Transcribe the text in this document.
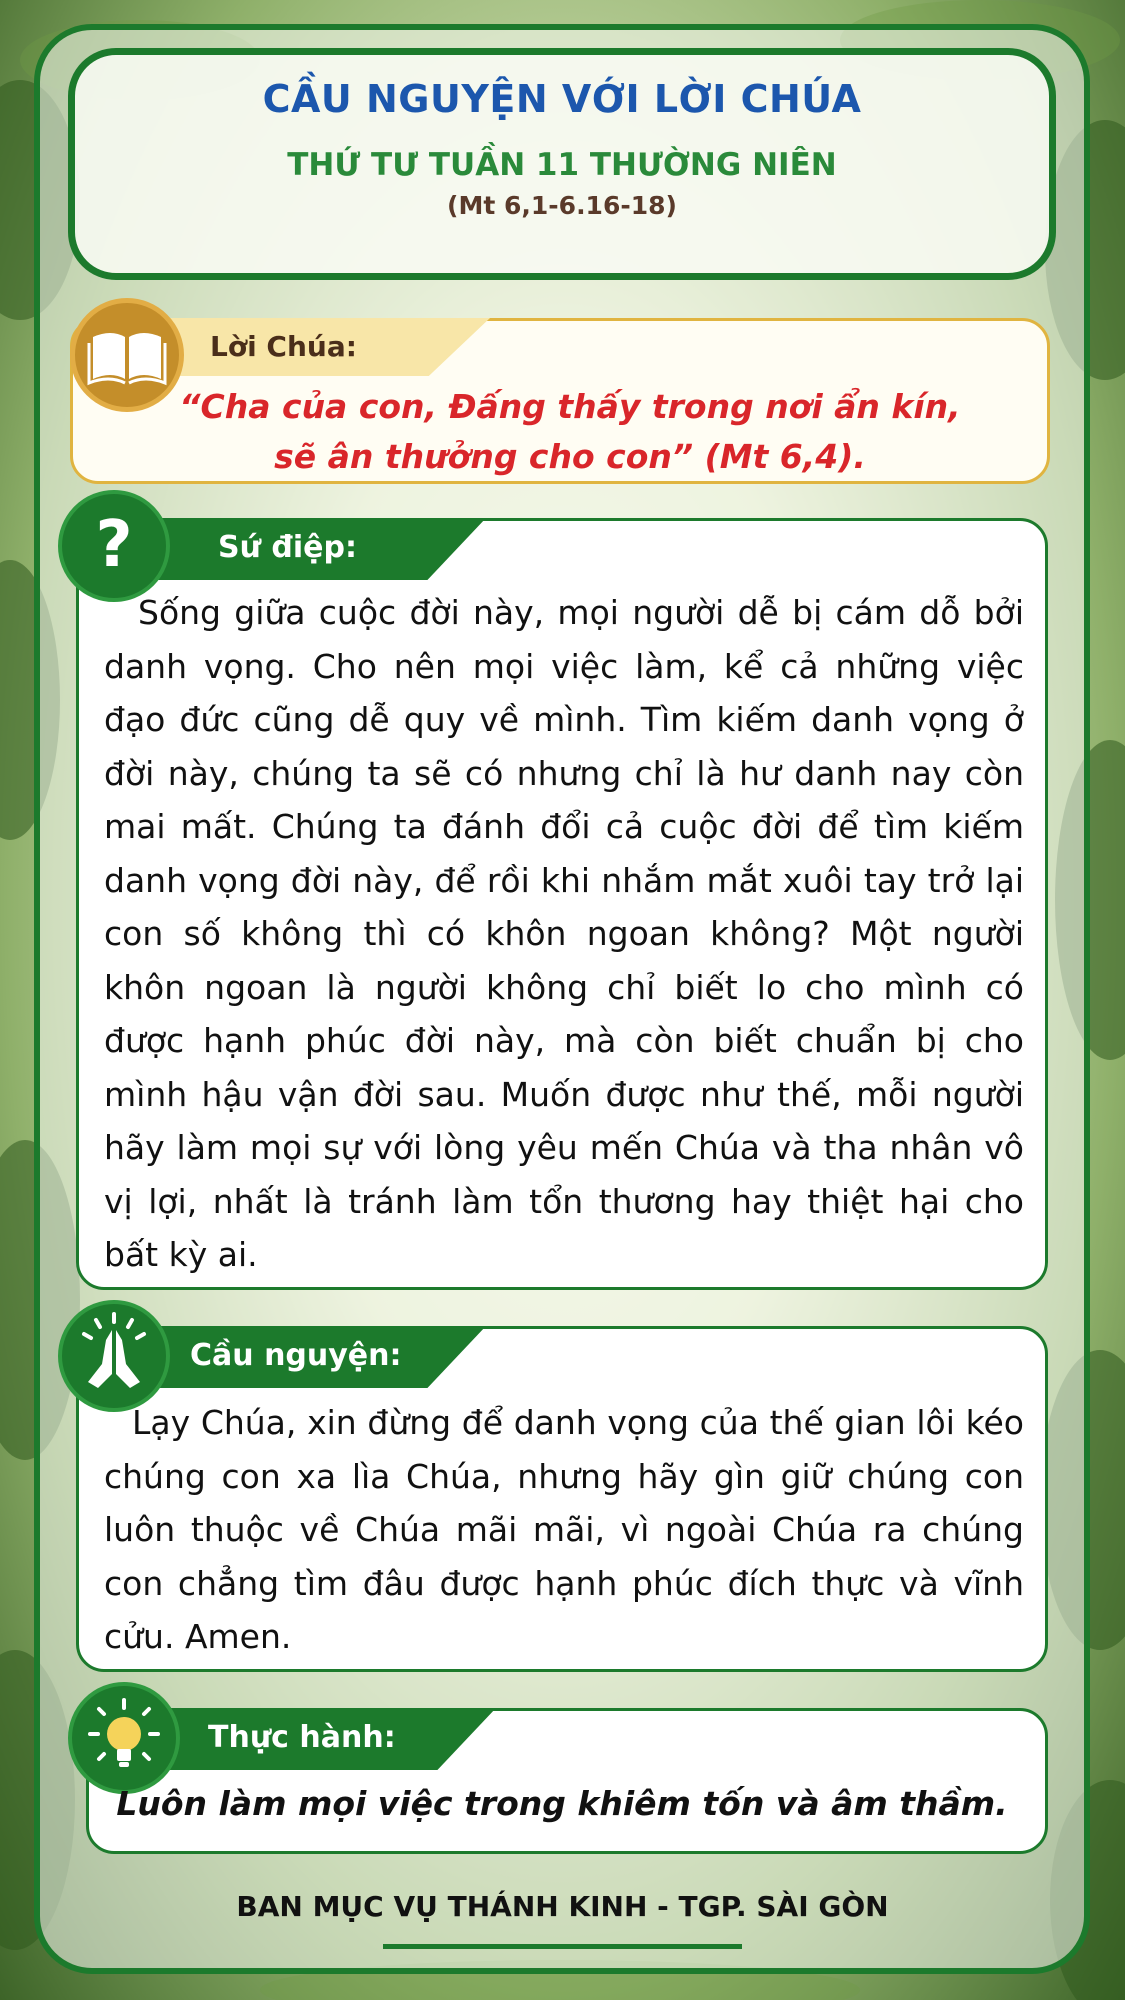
CẦU NGUYỆN VỚI LỜI CHÚA
THỨ TƯ TUẦN 11 THƯỜNG NIÊN
(Mt 6,1-6.16-18)
Lời Chúa:
“Cha của con, Đấng thấy trong nơi ẩn kín,
sẽ ân thưởng cho con” (Mt 6,4).
Sứ điệp:
?
Sống giữa cuộc đời này, mọi người dễ bị cám dỗ bởi danh vọng. Cho nên mọi việc làm, kể cả những việc đạo đức cũng dễ quy về mình. Tìm kiếm danh vọng ở đời này, chúng ta sẽ có nhưng chỉ là hư danh nay còn mai mất. Chúng ta đánh đổi cả cuộc đời để tìm kiếm danh vọng đời này, để rồi khi nhắm mắt xuôi tay trở lại con số không thì có khôn ngoan không? Một người khôn ngoan là người không chỉ biết lo cho mình có được hạnh phúc đời này, mà còn biết chuẩn bị cho mình hậu vận đời sau. Muốn được như thế, mỗi người hãy làm mọi sự với lòng yêu mến Chúa và tha nhân vô vị lợi, nhất là tránh làm tổn thương hay thiệt hại cho bất kỳ ai.
Cầu nguyện:
Lạy Chúa, xin đừng để danh vọng của thế gian lôi kéo chúng con xa lìa Chúa, nhưng hãy gìn giữ chúng con luôn thuộc về Chúa mãi mãi, vì ngoài Chúa ra chúng con chẳng tìm đâu được hạnh phúc đích thực và vĩnh cửu. Amen.
Thực hành:
Luôn làm mọi việc trong khiêm tốn và âm thầm.
BAN MỤC VỤ THÁNH KINH - TGP. SÀI GÒN
